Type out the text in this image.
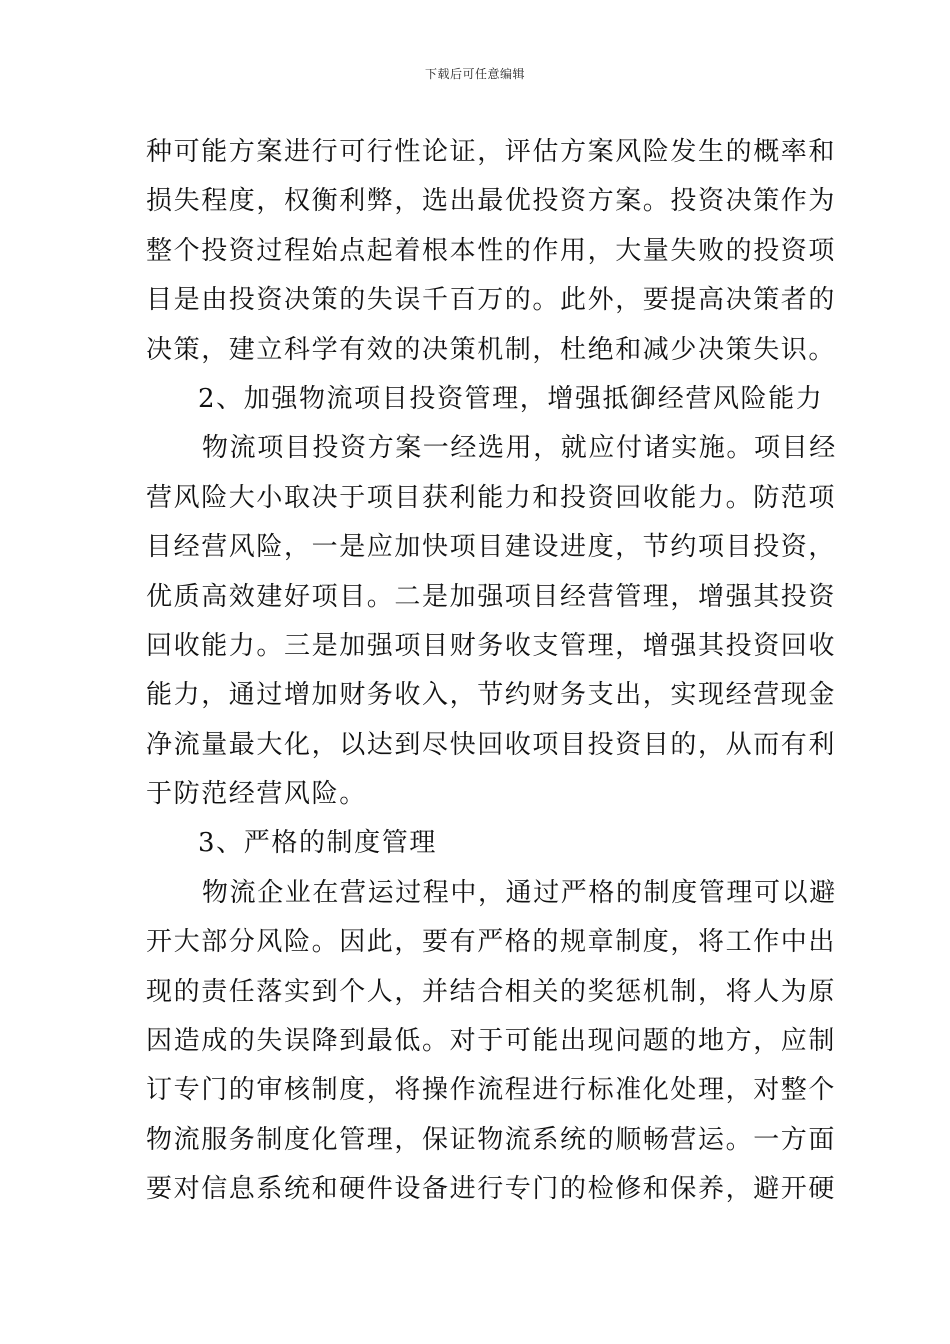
下载后可任意编辑
种可能方案进行可行性论证，评估方案风险发生的概率和
损失程度，权衡利弊，选出最优投资方案。投资决策作为
整个投资过程始点起着根本性的作用，大量失败的投资项
目是由投资决策的失误千百万的。此外，要提高决策者的
决策，建立科学有效的决策机制，杜绝和减少决策失识。
2、加强物流项目投资管理，增强抵御经营风险能力
物流项目投资方案一经选用，就应付诸实施。项目经
营风险大小取决于项目获利能力和投资回收能力。防范项
目经营风险，一是应加快项目建设进度，节约项目投资，
优质高效建好项目。二是加强项目经营管理，增强其投资
回收能力。三是加强项目财务收支管理，增强其投资回收
能力，通过增加财务收入，节约财务支出，实现经营现金
净流量最大化，以达到尽快回收项目投资目的，从而有利
于防范经营风险。
3、严格的制度管理
物流企业在营运过程中，通过严格的制度管理可以避
开大部分风险。因此，要有严格的规章制度，将工作中出
现的责任落实到个人，并结合相关的奖惩机制，将人为原
因造成的失误降到最低。对于可能出现问题的地方，应制
订专门的审核制度，将操作流程进行标准化处理，对整个
物流服务制度化管理，保证物流系统的顺畅营运。一方面
要对信息系统和硬件设备进行专门的检修和保养，避开硬
